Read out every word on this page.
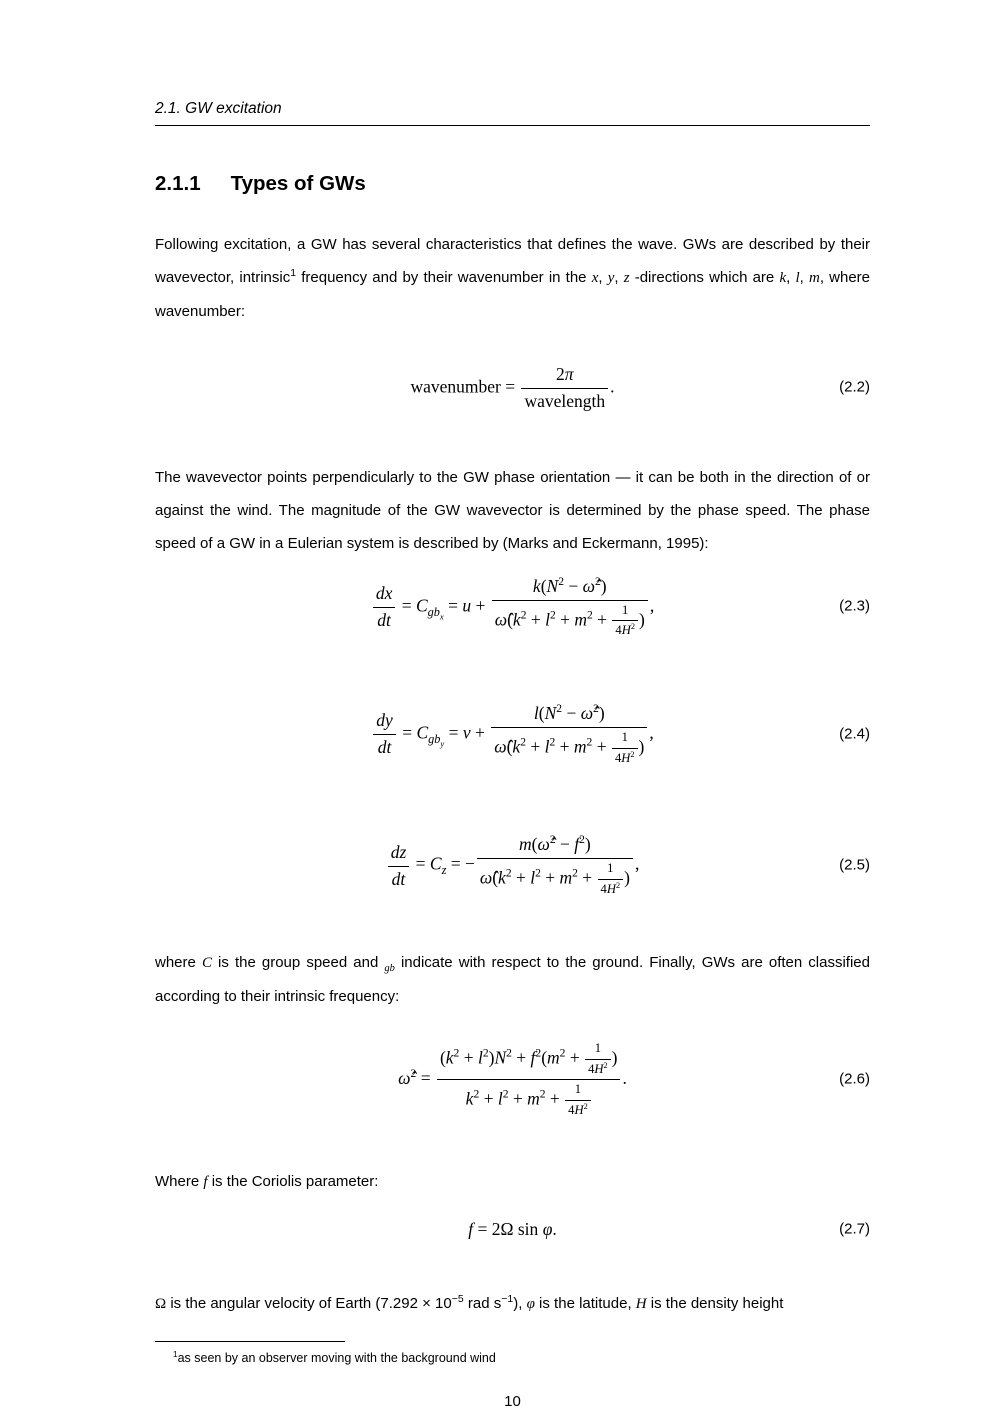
2.1. GW excitation
2.1.1 Types of GWs

Following excitation, a GW has several characteristics that defines the wave. GWs are described by their wavevector, intrinsic$^1$ frequency and by their wavenumber in the x, y, z -directions which are k, l, m, where wavenumber:

wavenumber = $\frac{2\pi}{\text{wavelength}}$ .	(2.2)

The wavevector points perpendicularly to the GW phase orientation — it can be both in the direction of or against the wind. The magnitude of the GW wavevector is determined by the phase speed. The phase speed of a GW in a Eulerian system is described by (Marks and Eckermann, 1995):

$\frac{dx}{dt} = C_{gb_x} = u + \frac{k(N^2 - \omegâ^2)}{\omegâ(k^2 + l^2 + m^2 + \frac{1}{4H^2} )}$ ,	(2.3)
$\frac{dy}{dt} = C_{gb_y} = v + \frac{l(N^2 - \omegâ^2)}{\omegâ(k^2 + l^2 + m^2 + \frac{1}{4H^2} )}$ ,	(2.4)
$\frac{dz}{dt} = C_z$ = − $\frac{m(\omegâ^2 - f^2)}{\omegâ(k^2 + l^2 + m^2 + \frac{1}{4H^2} )}$ ,	(2.5)

where C is the group speed and $_{gb}$ indicate with respect to the ground. Finally, GWs are often classified according to their intrinsic frequency:

ω̂$^2$ = $\frac{(k^2 + l^2)N^2 + f^2(m^2 + \frac{1}{4H^2} )}{k^2 + l^2 + m^2 + \frac{1}{4H^2}}$ .	(2.6)

Where f is the Coriolis parameter:

f = 2Ω sin φ.	(2.7)

Ω is the angular velocity of Earth ($7.292 \times 10^{-5}$ rad $s^{-1}$), φ is the latitude, H is the density height

$^1$as seen by an observer moving with the background wind

10
